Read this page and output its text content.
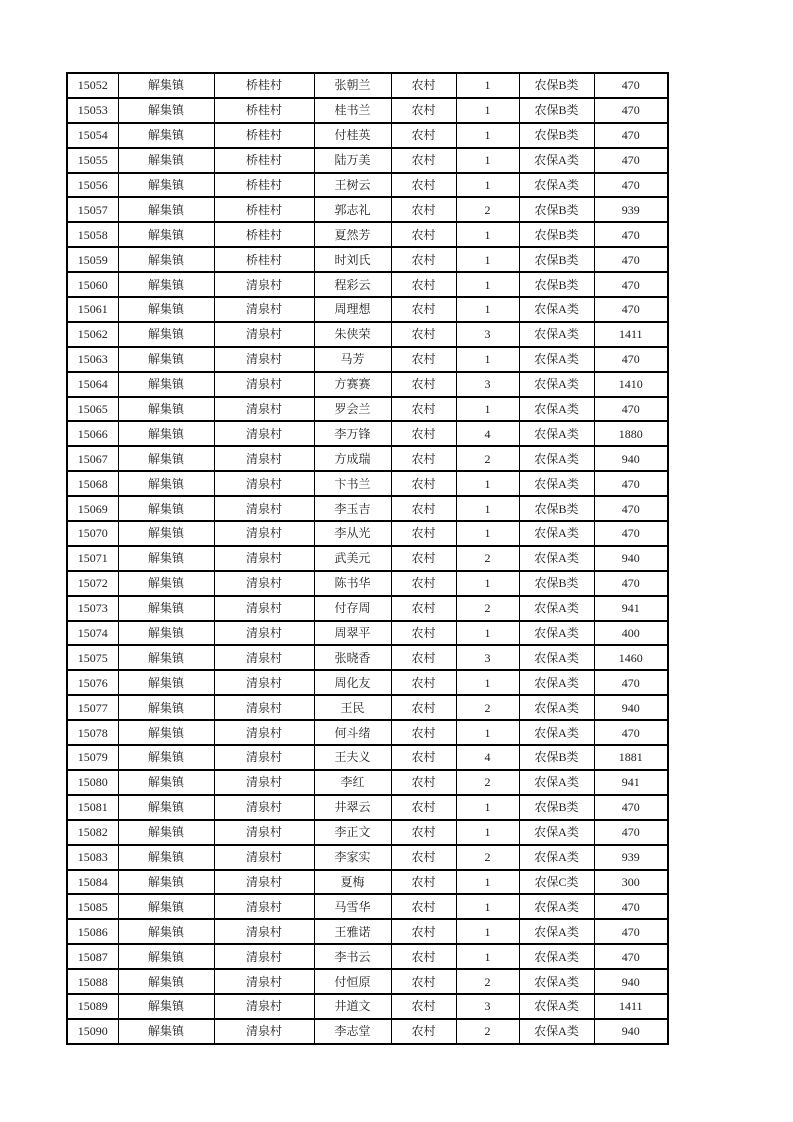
15052	解集镇	桥桂村	张朝兰	农村	1	农保B类	470
15053	解集镇	桥桂村	桂书兰	农村	1	农保B类	470
15054	解集镇	桥桂村	付桂英	农村	1	农保B类	470
15055	解集镇	桥桂村	陆万美	农村	1	农保A类	470
15056	解集镇	桥桂村	王树云	农村	1	农保A类	470
15057	解集镇	桥桂村	郭志礼	农村	2	农保B类	939
15058	解集镇	桥桂村	夏然芳	农村	1	农保B类	470
15059	解集镇	桥桂村	时刘氏	农村	1	农保B类	470
15060	解集镇	清泉村	程彩云	农村	1	农保B类	470
15061	解集镇	清泉村	周理想	农村	1	农保A类	470
15062	解集镇	清泉村	朱侠荣	农村	3	农保A类	1411
15063	解集镇	清泉村	马芳	农村	1	农保A类	470
15064	解集镇	清泉村	方赛赛	农村	3	农保A类	1410
15065	解集镇	清泉村	罗会兰	农村	1	农保A类	470
15066	解集镇	清泉村	李万锋	农村	4	农保A类	1880
15067	解集镇	清泉村	方成瑞	农村	2	农保A类	940
15068	解集镇	清泉村	卞书兰	农村	1	农保A类	470
15069	解集镇	清泉村	李玉吉	农村	1	农保B类	470
15070	解集镇	清泉村	李从光	农村	1	农保A类	470
15071	解集镇	清泉村	武美元	农村	2	农保A类	940
15072	解集镇	清泉村	陈书华	农村	1	农保B类	470
15073	解集镇	清泉村	付存周	农村	2	农保A类	941
15074	解集镇	清泉村	周翠平	农村	1	农保A类	400
15075	解集镇	清泉村	张晓香	农村	3	农保A类	1460
15076	解集镇	清泉村	周化友	农村	1	农保A类	470
15077	解集镇	清泉村	王民	农村	2	农保A类	940
15078	解集镇	清泉村	何斗绪	农村	1	农保A类	470
15079	解集镇	清泉村	王夫义	农村	4	农保B类	1881
15080	解集镇	清泉村	李红	农村	2	农保A类	941
15081	解集镇	清泉村	井翠云	农村	1	农保B类	470
15082	解集镇	清泉村	李正文	农村	1	农保A类	470
15083	解集镇	清泉村	李家实	农村	2	农保A类	939
15084	解集镇	清泉村	夏梅	农村	1	农保C类	300
15085	解集镇	清泉村	马雪华	农村	1	农保A类	470
15086	解集镇	清泉村	王雅诺	农村	1	农保A类	470
15087	解集镇	清泉村	李书云	农村	1	农保A类	470
15088	解集镇	清泉村	付恒原	农村	2	农保A类	940
15089	解集镇	清泉村	井道文	农村	3	农保A类	1411
15090	解集镇	清泉村	李志堂	农村	2	农保A类	940
